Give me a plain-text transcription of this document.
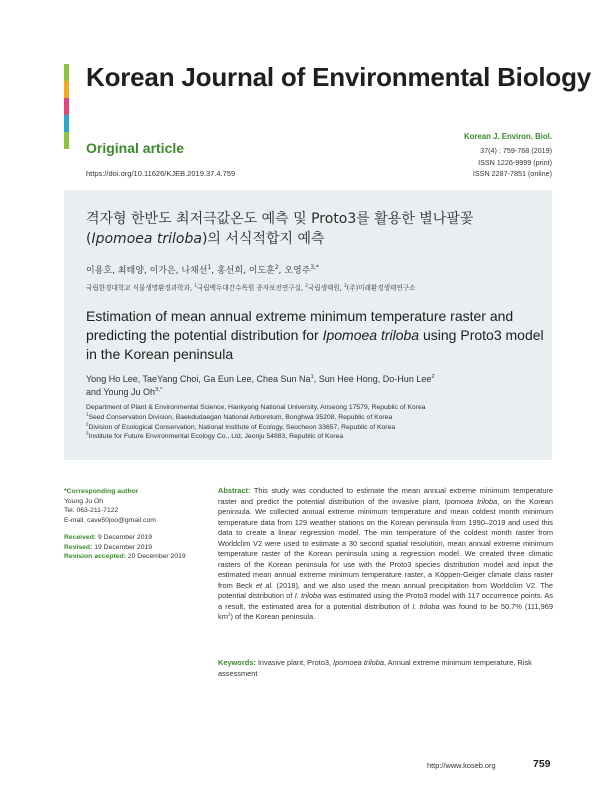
Korean Journal of Environmental Biology
Original article
https://doi.org/10.11626/KJEB.2019.37.4.759
Korean J. Environ. Biol.
37(4) : 759-768 (2019)
ISSN 1226-9999 (print)
ISSN 2287-7851 (online)
격자형 한반도 최저극값온도 예측 및 Proto3를 활용한 별나팔꽃
(Ipomoea triloba)의 서식적합지 예측
이용호, 최태양, 이가은, 나채선$^1$, 홍선희, 이도훈$^2$, 오영주$^{3,*}$
국립한경대학교 식물생명환경과학과, $^1$국립백두대간수목원 종자보전연구실, $^2$국립생태원, $^3$(주)미래환경생태연구소
Estimation of mean annual extreme minimum temperature raster and predicting the potential distribution for Ipomoea triloba using Proto3 model in the Korean peninsula
Yong Ho Lee, TaeYang Choi, Ga Eun Lee, Chea Sun Na$^1$, Sun Hee Hong, Do-Hun Lee$^2$
and Young Ju $Oh^{3,*}$
Department of Plant & Environmental Science, Hankyong National University, Anseong 17579, Republic of Korea
$^1$Seed Conservation Division, Baekdudaegan National Arboretum, Bonghwa 35208, Republic of Korea
$^2$Division of Ecological Conservation, National Institute of Ecology, Seocheon 33657, Republic of Korea
$^3$Institute for Future Environmental Ecology Co., Ltd, Jeonju 54883, Republic of Korea
*Corresponding author
Young Ju Oh
Tel. 063-211-7122
E-mail. cave50joo@gmail.com
Received: 9 December 2019
Revised: 19 December 2019
Revision accepted: 20 December 2019
Abstract: This study was conducted to estimate the mean annual extreme minimum temperature raster and predict the potential distribution of the invasive plant, Ipomoea triloba, on the Korean peninsula. We collected annual extreme minimum temperature and mean coldest month minimum temperature data from 129 weather stations on the Korean peninsula from 1990–2019 and used this data to create a linear regression model. The min temperature of the coldest month raster from Worldclim V2 were used to estimate a 30 second spatial resolution, mean annual extreme minimum temperature raster of the Korean peninsula using a regression model. We created three climatic rasters of the Korean peninsula for use with the Proto3 species distribution model and input the estimated mean annual extreme minimum temperature raster, a Köppen-Geiger climate class raster from Beck et al. (2018), and we also used the mean annual precipitation from Worldclim V2. The potential distribution of I. triloba was estimated using the Proto3 model with 117 occurrence points. As a result, the estimated area for a potential distribution of I. triloba was found to be 50.7% (111,969 $km^2$) of the Korean peninsula.
Keywords: Invasive plant, Proto3, Ipomoea triloba, Annual extreme minimum temperature, Risk assessment
http://www.koseb.org	759
